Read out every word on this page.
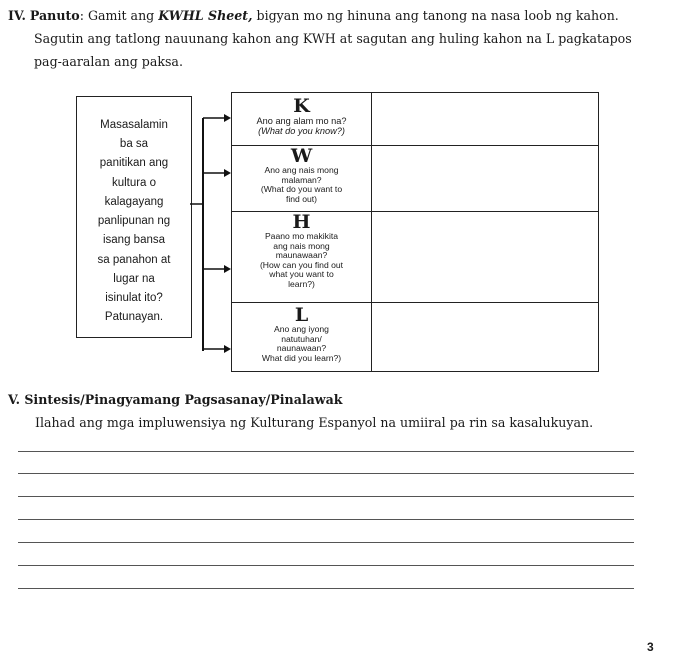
IV. Panuto: Gamit ang KWHL Sheet, bigyan mo ng hinuna ang tanong na nasa loob ng kahon.
Sagutin ang tatlong nauunang kahon ang KWH at sagutan ang huling kahon na L pagkatapos
pag-aaralan ang paksa.
Masasalamin
ba sa
panitikan ang
kultura o
kalagayang
panlipunan ng
isang bansa
sa panahon at
lugar na
isinulat ito?
Patunayan.
K
Ano ang alam mo na?
(What do you know?)
W
Ano ang nais mong
malaman?
(What do you want to
find out)
H
Paano mo makikita
ang nais mong
maunawaan?
(How can you find out
what you want to
learn?)
L
Ano ang iyong
natutuhan/
naunawaan?
What did you learn?)
V. Sintesis/Pinagyamang Pagsasanay/Pinalawak
Ilahad ang mga impluwensiya ng Kulturang Espanyol na umiiral pa rin sa kasalukuyan.
3
